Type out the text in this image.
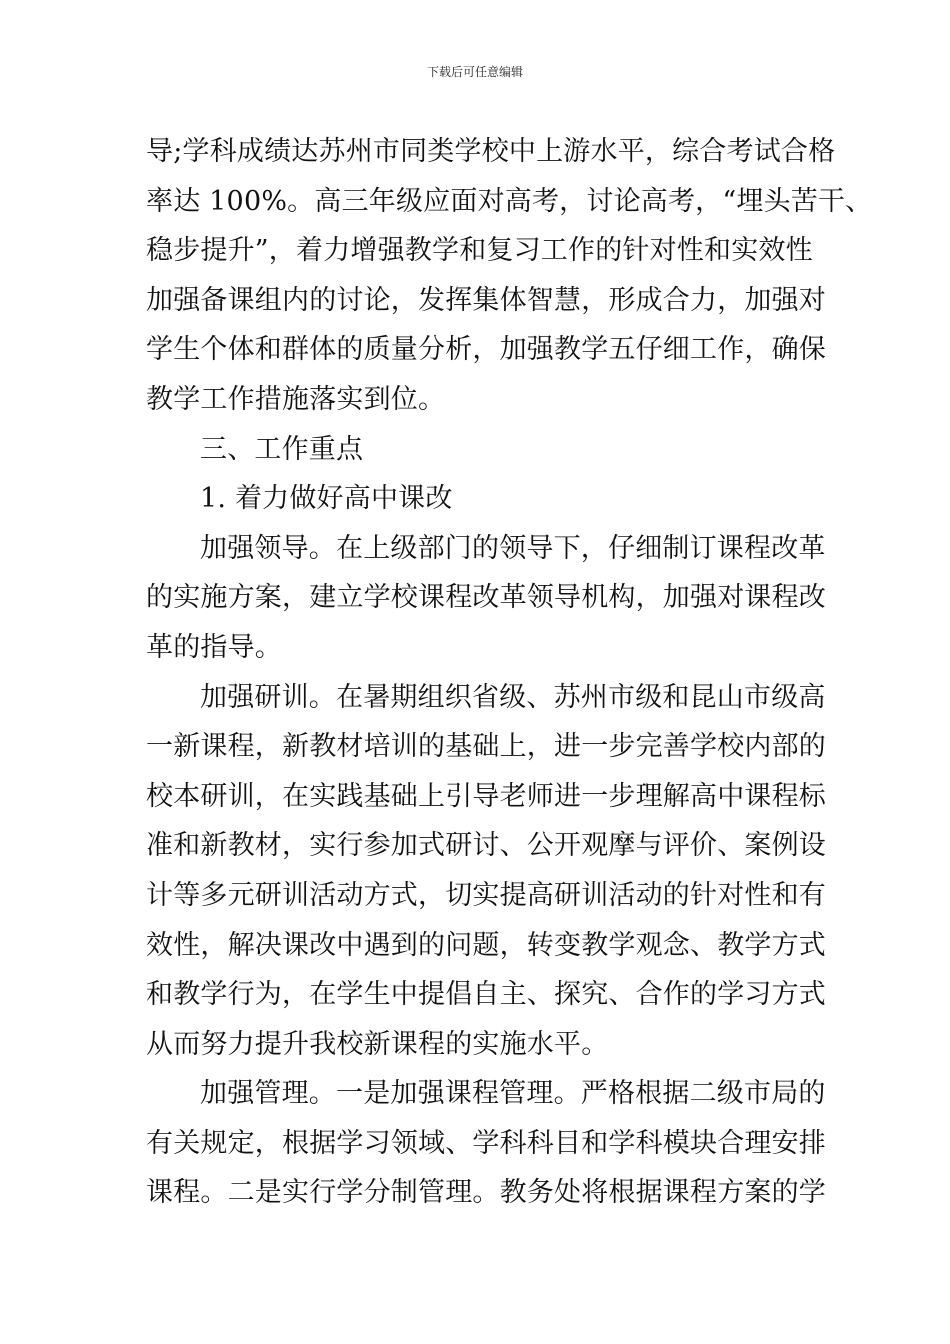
下载后可任意编辑
导;学科成绩达苏州市同类学校中上游水平，综合考试合格
率达 100%。高三年级应面对高考，讨论高考，“埋头苦干、
稳步提升”，着力增强教学和复习工作的针对性和实效性
加强备课组内的讨论，发挥集体智慧，形成合力，加强对
学生个体和群体的质量分析，加强教学五仔细工作，确保
教学工作措施落实到位。
三、工作重点
1. 着力做好高中课改
加强领导。在上级部门的领导下，仔细制订课程改革
的实施方案，建立学校课程改革领导机构，加强对课程改
革的指导。
加强研训。在暑期组织省级、苏州市级和昆山市级高
一新课程，新教材培训的基础上，进一步完善学校内部的
校本研训，在实践基础上引导老师进一步理解高中课程标
准和新教材，实行参加式研讨、公开观摩与评价、案例设
计等多元研训活动方式，切实提高研训活动的针对性和有
效性，解决课改中遇到的问题，转变教学观念、教学方式
和教学行为，在学生中提倡自主、探究、合作的学习方式
从而努力提升我校新课程的实施水平。
加强管理。一是加强课程管理。严格根据二级市局的
有关规定，根据学习领域、学科科目和学科模块合理安排
课程。二是实行学分制管理。教务处将根据课程方案的学
